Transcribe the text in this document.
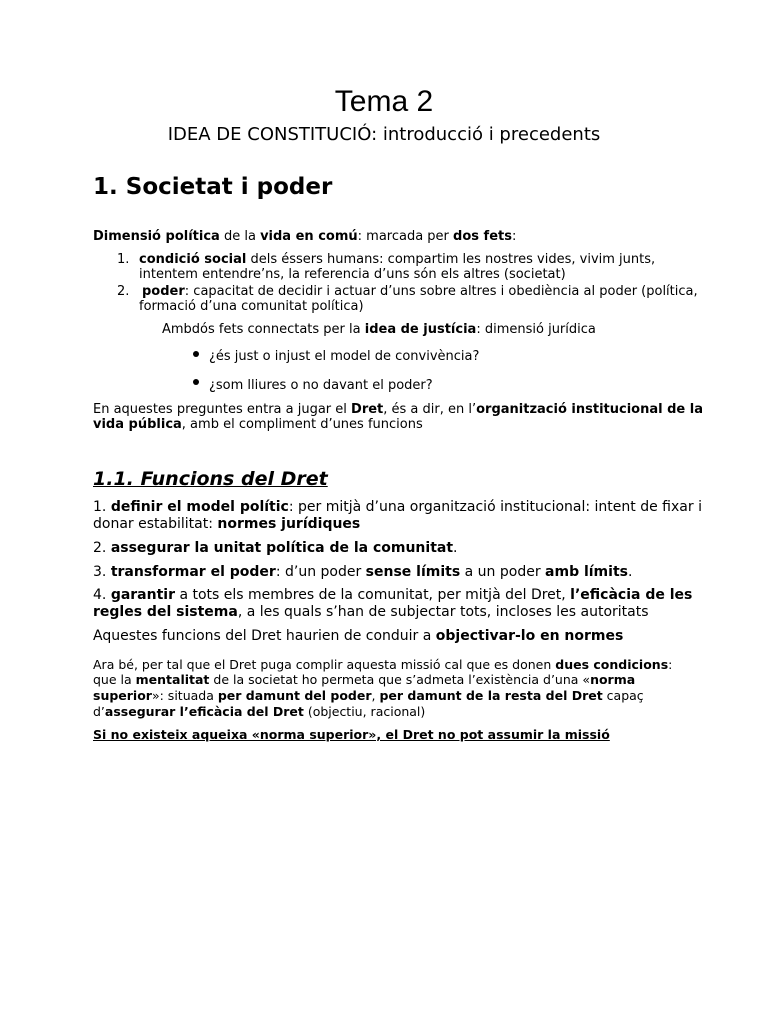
Tema 2
IDEA DE CONSTITUCIÓ: introducció i precedents
1. Societat i poder
Dimensió política de la vida en comú: marcada per dos fets:
1. condició social dels éssers humans: compartim les nostres vides, vivim junts,
intentem entendre’ns, la referencia d’uns són els altres (societat)
2. poder: capacitat de decidir i actuar d’uns sobre altres i obediència al poder (política,
formació d’una comunitat política)
Ambdós fets connectats per la idea de justícia: dimensió jurídica
¿és just o injust el model de convivència?
¿som lliures o no davant el poder?
En aquestes preguntes entra a jugar el Dret, és a dir, en l’organització institucional de la
vida pública, amb el compliment d’unes funcions
1.1. Funcions del Dret
1. definir el model polític: per mitjà d’una organització institucional: intent de fixar i
donar estabilitat: normes jurídiques
2. assegurar la unitat política de la comunitat.
3. transformar el poder: d’un poder sense límits a un poder amb límits.
4. garantir a tots els membres de la comunitat, per mitjà del Dret, l’eficàcia de les
regles del sistema, a les quals s’han de subjectar tots, incloses les autoritats
Aquestes funcions del Dret haurien de conduir a objectivar-lo en normes
Ara bé, per tal que el Dret puga complir aquesta missió cal que es donen dues condicions:
que la mentalitat de la societat ho permeta que s’admeta l’existència d’una «norma
superior»: situada per damunt del poder, per damunt de la resta del Dret capaç
d’assegurar l’eficàcia del Dret (objectiu, racional)
Si no existeix aqueixa «norma superior», el Dret no pot assumir la missió
